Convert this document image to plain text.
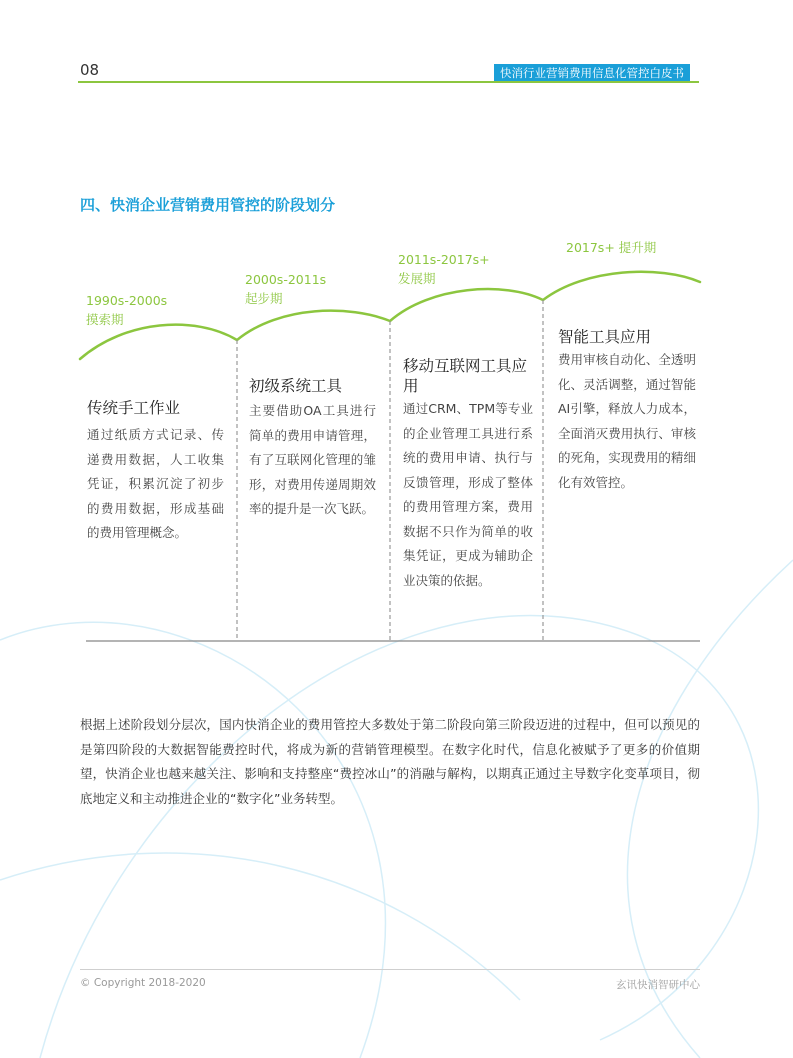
08	快消行业营销费用信息化管控白皮书
四、快消企业营销费用管控的阶段划分
1990s-2000s
摸索期
传统手工作业
通过纸质方式记录、传递费用数据，人工收集凭证，积累沉淀了初步的费用数据，形成基础的费用管理概念。
2000s-2011s
起步期
初级系统工具
主要借助OA工具进行简单的费用申请管理，有了互联网化管理的雏形，对费用传递周期效率的提升是一次飞跃。
2011s-2017s+
发展期
移动互联网工具应用
通过CRM、TPM等专业的企业管理工具进行系统的费用申请、执行与反馈管理，形成了整体的费用管理方案，费用数据不只作为简单的收集凭证，更成为辅助企业决策的依据。
2017s+ 提升期
智能工具应用
费用审核自动化、全透明化、灵活调整，通过智能AI引擎，释放人力成本，全面消灭费用执行、审核的死角，实现费用的精细化有效管控。
根据上述阶段划分层次，国内快消企业的费用管控大多数处于第二阶段向第三阶段迈进的过程中，但可以预见的是第四阶段的大数据智能费控时代，将成为新的营销管理模型。在数字化时代，信息化被赋予了更多的价值期望，快消企业也越来越关注、影响和支持整座“费控冰山”的消融与解构，以期真正通过主导数字化变革项目，彻底地定义和主动推进企业的“数字化”业务转型。
© Copyright 2018-2020	玄讯快消智研中心
